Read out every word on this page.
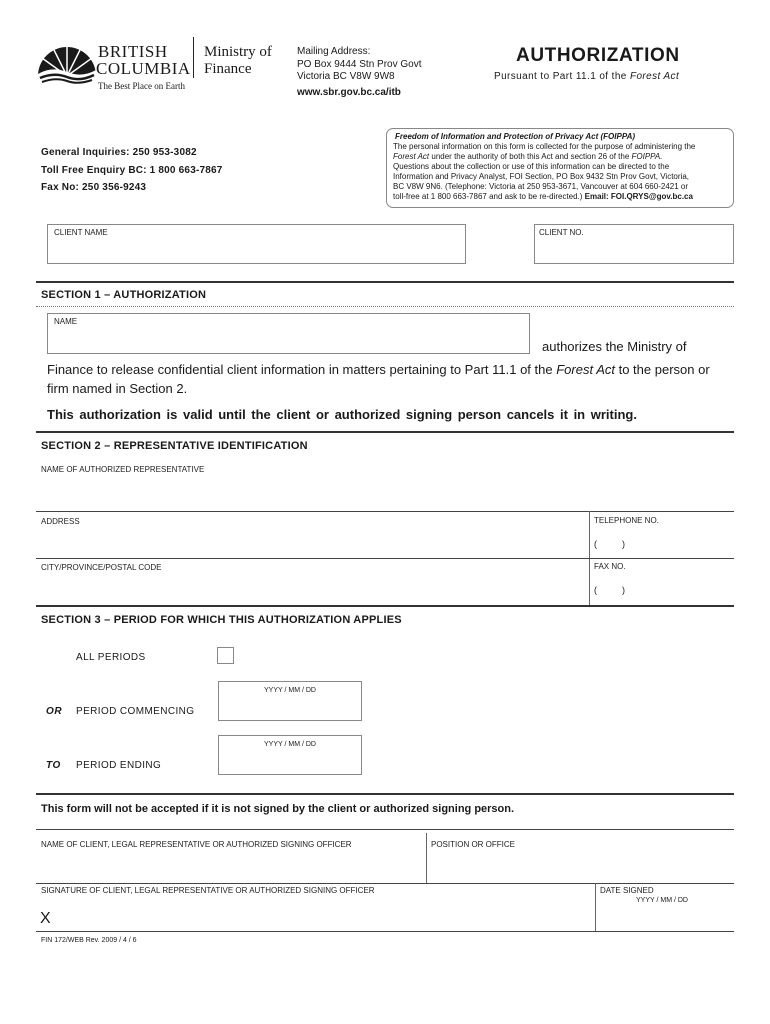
BRITISH
COLUMBIA
The Best Place on Earth
Ministry of
Finance
Mailing Address:
PO Box 9444 Stn Prov Govt
Victoria BC V8W 9W8
www.sbr.gov.bc.ca/itb
AUTHORIZATION
Pursuant to Part 11.1 of the Forest Act
General Inquiries: 250 953-3082
Toll Free Enquiry BC: 1 800 663-7867
Fax No: 250 356-9243
Freedom of Information and Protection of Privacy Act (FOIPPA)
The personal information on this form is collected for the purpose of administering the
Forest Act under the authority of both this Act and section 26 of the FOIPPA.
Questions about the collection or use of this information can be directed to the
Information and Privacy Analyst, FOI Section, PO Box 9432 Stn Prov Govt, Victoria,
BC V8W 9N6. (Telephone: Victoria at 250 953-3671, Vancouver at 604 660-2421 or
toll-free at 1 800 663-7867 and ask to be re-directed.) Email: FOI.QRYS@gov.bc.ca
CLIENT NAME	CLIENT NO.
SECTION 1 – AUTHORIZATION
NAME
authorizes the Ministry of
Finance to release confidential client information in matters pertaining to Part 11.1 of the Forest Act to the person or
firm named in Section 2.
This authorization is valid until the client or authorized signing person cancels it in writing.
SECTION 2 – REPRESENTATIVE IDENTIFICATION
NAME OF AUTHORIZED REPRESENTATIVE
ADDRESS	TELEPHONE NO.
(          )
CITY/PROVINCE/POSTAL CODE	FAX NO.
(          )
SECTION 3 – PERIOD FOR WHICH THIS AUTHORIZATION APPLIES
ALL PERIODS
YYYY / MM / DD
OR PERIOD COMMENCING
YYYY / MM / DD
TO PERIOD ENDING
This form will not be accepted if it is not signed by the client or authorized signing person.
NAME OF CLIENT, LEGAL REPRESENTATIVE OR AUTHORIZED SIGNING OFFICER	POSITION OR OFFICE
SIGNATURE OF CLIENT, LEGAL REPRESENTATIVE OR AUTHORIZED SIGNING OFFICER	DATE SIGNED
YYYY / MM / DD
X
FIN 172/WEB Rev. 2009 / 4 / 6
